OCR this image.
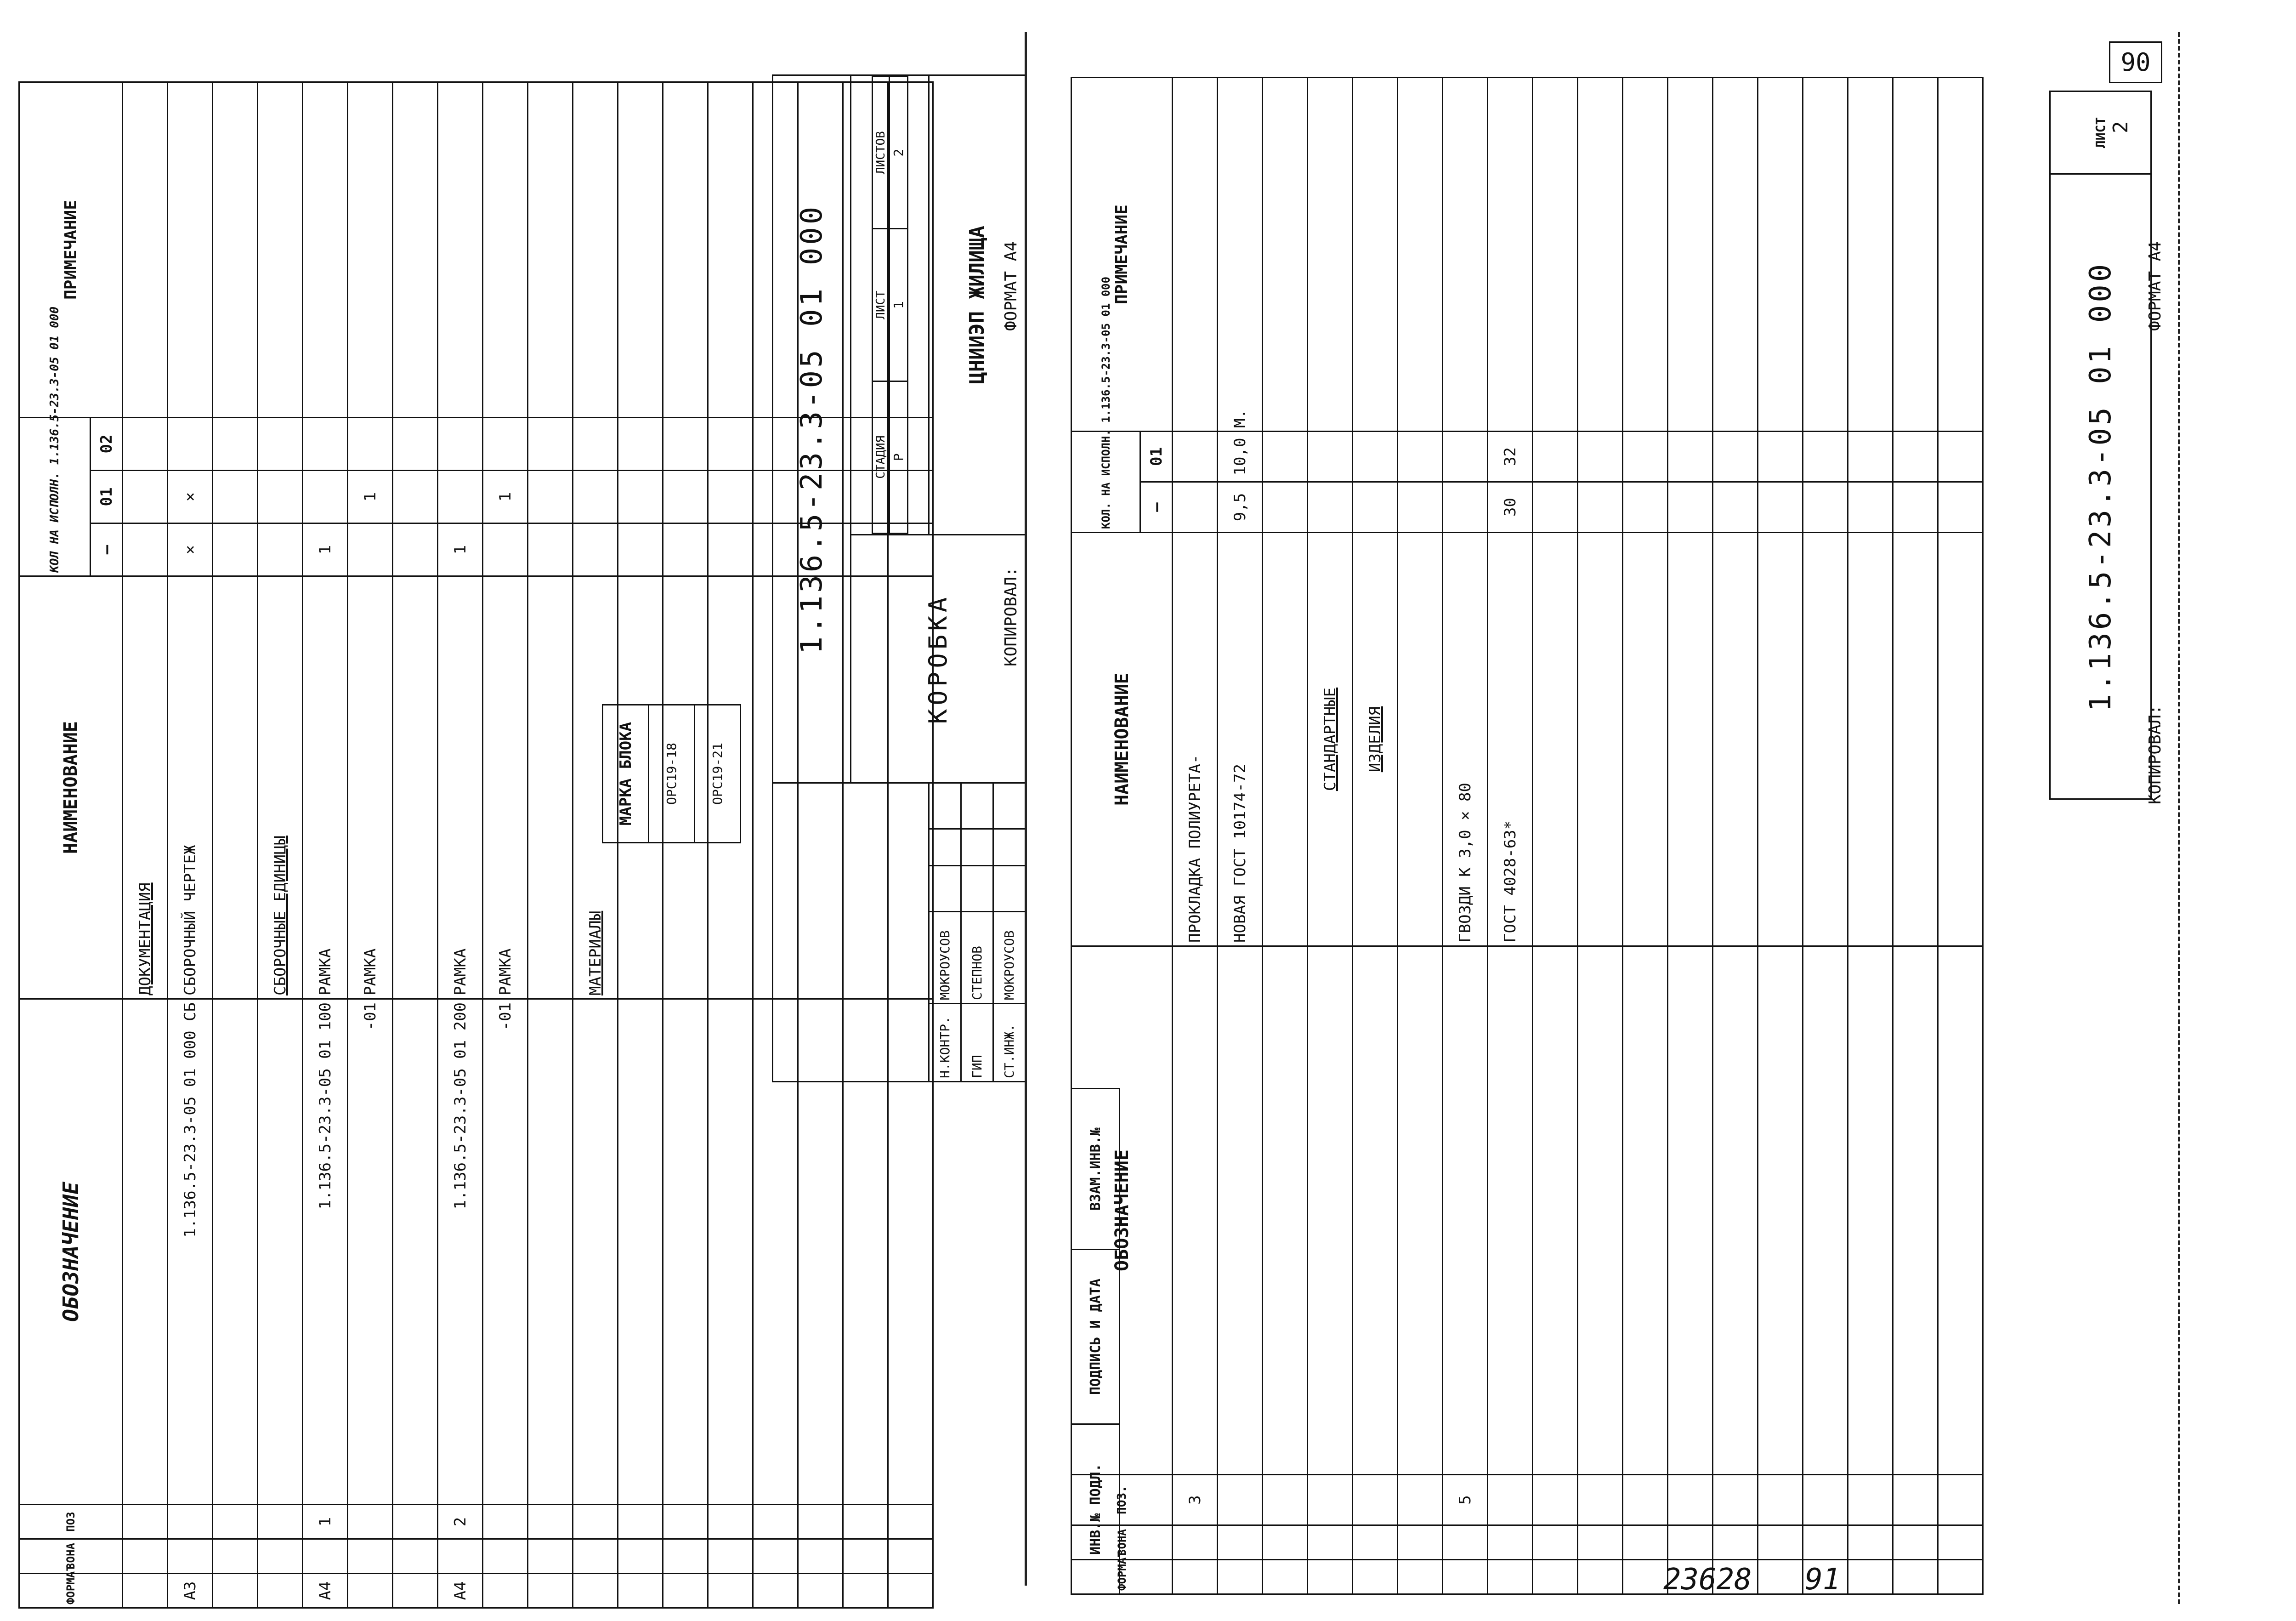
ФОРМАТ	ЗОНА	ПОЗ	ОБОЗНАЧЕНИЕ	НАИМЕНОВАНИЕ	КОЛ НА ИСПОЛН. 1.136.5-23.3-05 01 000			ПРИМЕЧАНИЕ
					—	01	02	
				ДОКУМЕНТАЦИЯ				
А3			1.136.5-23.3-05 01 000 СБ	СБОРОЧНЫЙ ЧЕРТЕЖ	×	×		

				СБОРОЧНЫЕ ЕДИНИЦЫ				
А4		1	1.136.5-23.3-05 01 100	РАМКА	1			
			-01	РАМКА		1		

А4		2	1.136.5-23.3-05 01 200	РАМКА	1			
			-01	РАМКА		1		

				МАТЕРИАЛЫ				

МАРКА БЛОКА
ОРС19-18
ОРС19-21
	1.136.5-23.3-05 01 000
КОРОБКА	
СТАДИЯ	ЛИСТ	ЛИСТОВ
Р	1	2

Н.КОНТР.	МОКРОУСОВ				ЦНИИЭП ЖИЛИЩА
ГИП	СТЕПНОВ			
СТ.ИНЖ.	МОКРОУСОВ			
КОПИРОВАЛ:
ФОРМАТ А4
ФОРМАТ	ЗОНА	ПОЗ.	ОБОЗНАЧЕНИЕ	НАИМЕНОВАНИЕ	КОЛ. НА ИСПОЛН. 1.136.5-23.3-05 01 000		ПРИМЕЧАНИЕ
					—	01	
		3		ПРОКЛАДКА ПОЛИУРЕТА-			
				НОВАЯ ГОСТ 10174-72	9,5	10,0	М.

				СТАНДАРТНЫЕ			
				ИЗДЕЛИЯ			

		5		ГВОЗДИ К 3,0 × 80			
				ГОСТ 4028-63*	30	32	

ИНВ.№ ПОДЛ.	ПОДПИСЬ И ДАТА	ВЗАМ.ИНВ.№
1.136.5-23.3-05 01 000	ЛИСТ 2
КОПИРОВАЛ:
ФОРМАТ А4
90
23628   91
